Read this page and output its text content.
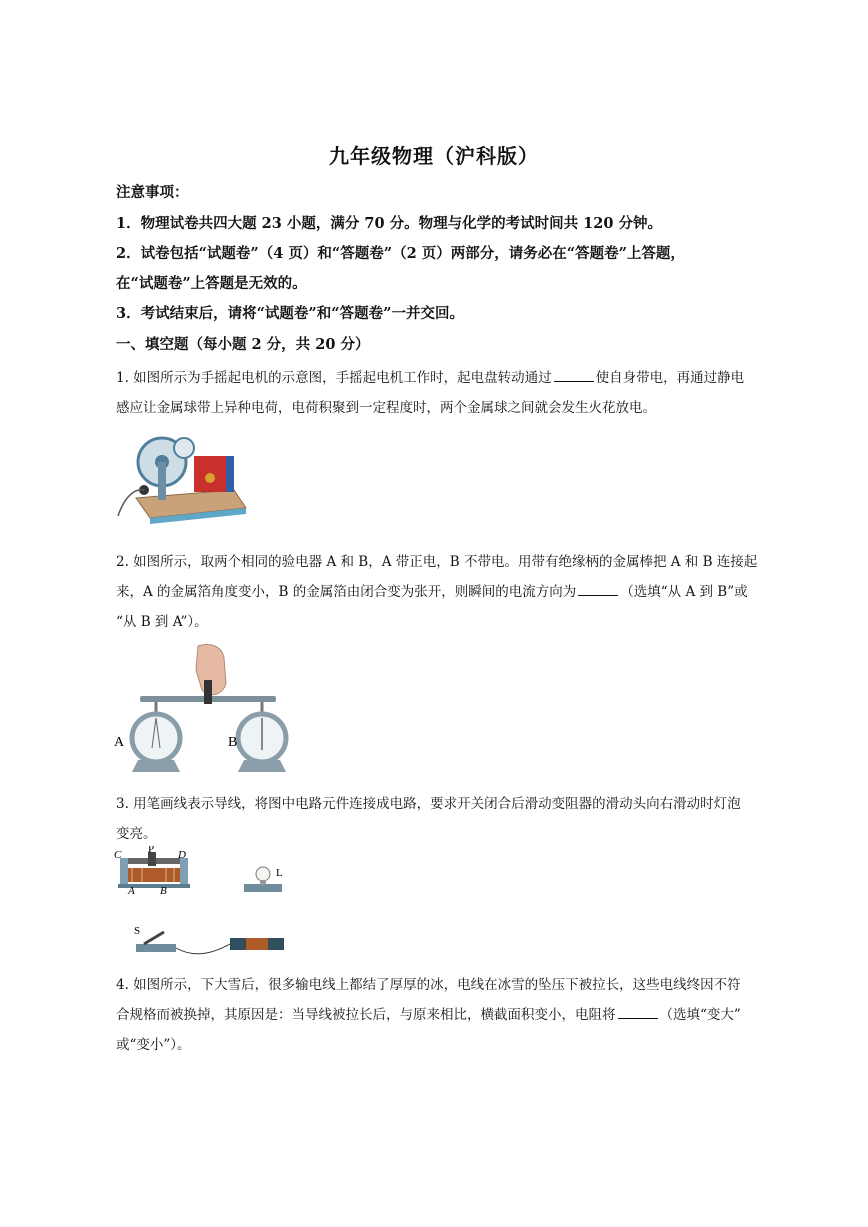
九年级物理（沪科版）
注意事项：
1．物理试卷共四大题 23 小题，满分 70 分。物理与化学的考试时间共 120 分钟。
2．试卷包括“试题卷”（4 页）和“答题卷”（2 页）两部分，请务必在“答题卷”上答题，
在“试题卷”上答题是无效的。
3．考试结束后，请将“试题卷”和“答题卷”一并交回。
一、填空题（每小题 2 分，共 20 分）
1. 如图所示为手摇起电机的示意图，手摇起电机工作时，起电盘转动通过	使自身带电，再通过静电
感应让金属球带上异种电荷，电荷积聚到一定程度时，两个金属球之间就会发生火花放电。
2. 如图所示，取两个相同的验电器 A 和 B，A 带正电，B 不带电。用带有绝缘柄的金属棒把 A 和 B 连接起
来，A 的金属箔角度变小，B 的金属箔由闭合变为张开，则瞬间的电流方向为	（选填“从 A 到 B”或
“从 B 到 A”）。
A	B
3. 用笔画线表示导线，将图中电路元件连接成电路，要求开关闭合后滑动变阻器的滑动头向右滑动时灯泡
变亮。
C P D
A B
L
S
4. 如图所示，下大雪后，很多输电线上都结了厚厚的冰，电线在冰雪的坠压下被拉长，这些电线终因不符
合规格而被换掉，其原因是：当导线被拉长后，与原来相比，横截面积变小，电阻将	（选填“变大”
或“变小”）。
